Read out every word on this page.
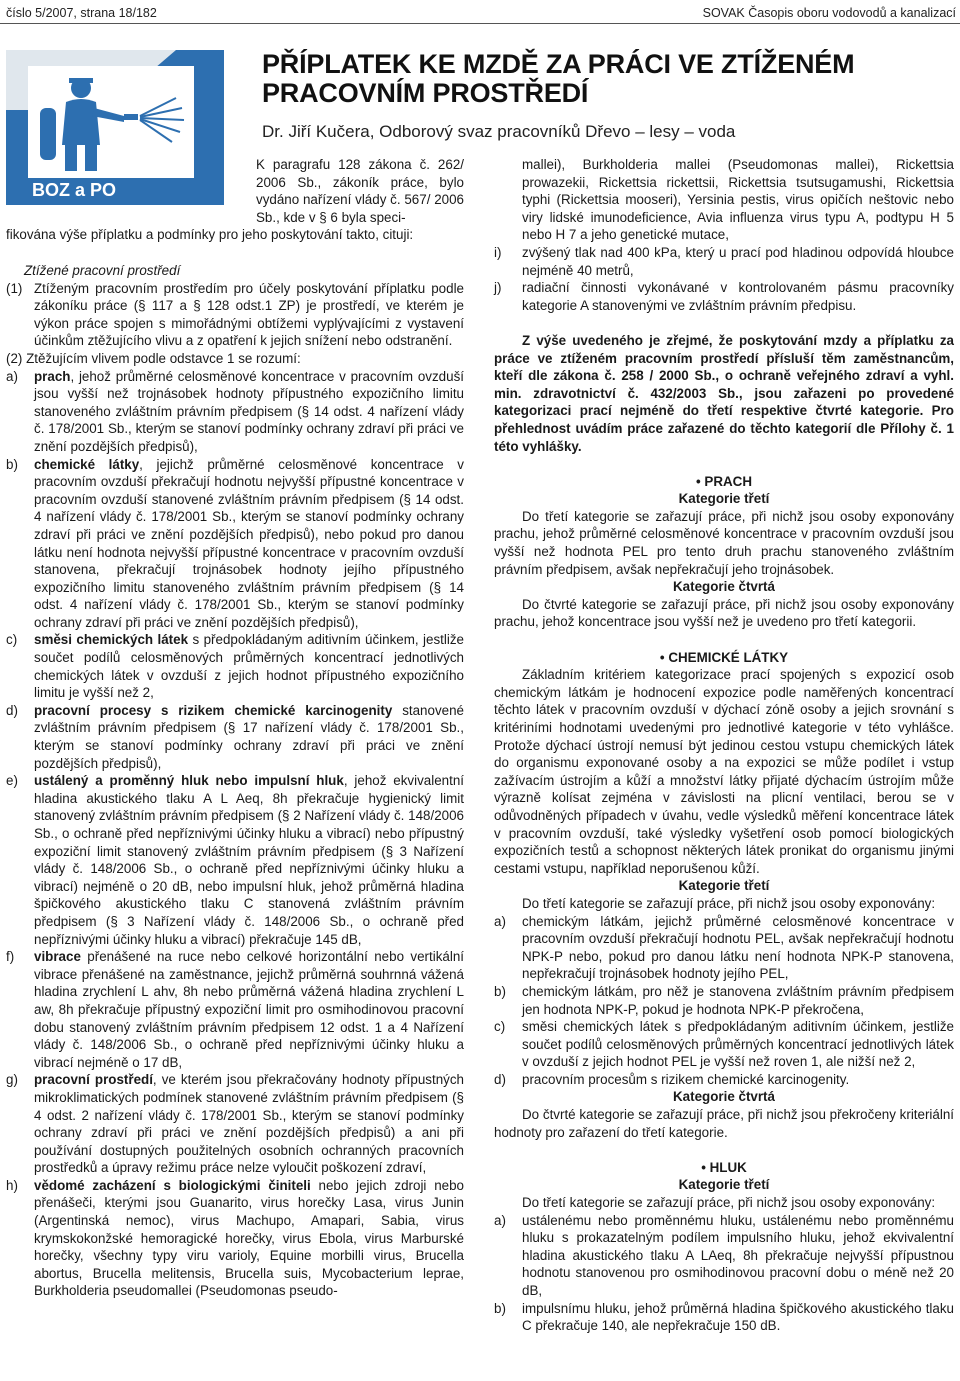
číslo 5/2007, strana 18/182	SOVAK Časopis oboru vodovodů a kanalizací
BOZ a PO
PŘÍPLATEK KE MZDĚ ZA PRÁCI VE ZTÍŽENÉM
PRACOVNÍM PROSTŘEDÍ
Dr. Jiří Kučera, Odborový svaz pracovníků Dřevo – lesy – voda

K paragrafu 128 zákona č. 262/ 2006 Sb., zákoník práce, bylo vydáno nařízení vlády č. 567/ 2006 Sb., kde v § 6 byla speci-

fikována výše příplatku a podmínky pro jeho poskytování takto, cituji:

Ztížené pracovní prostředí

(1) Ztíženým pracovním prostředím pro účely poskytování příplatku podle zákoníku práce (§ 117 a § 128 odst.1 ZP) je prostředí, ve kterém je výkon práce spojen s mimořádnými obtížemi vyplývajícími z vystavení účinkům ztěžujícího vlivu a z opatření k jejich snížení nebo odstranění.

(2) Ztěžujícím vlivem podle odstavce 1 se rozumí:

a)	prach, jehož průměrné celosměnové koncentrace v pracovním ovzduší jsou vyšší než trojnásobek hodnoty přípustného expozičního limitu stanoveného zvláštním právním předpisem (§ 14 odst. 4 nařízení vlády č. 178/2001 Sb., kterým se stanoví podmínky ochrany zdraví při práci ve znění pozdějších předpisů),
b)	chemické látky, jejichž průměrné celosměnové koncentrace v pracovním ovzduší překračují hodnotu nejvyšší přípustné koncentrace v pracovním ovzduší stanovené zvláštním právním předpisem (§ 14 odst. 4 nařízení vlády č. 178/2001 Sb., kterým se stanoví podmínky ochrany zdraví při práci ve znění pozdějších předpisů), nebo pokud pro danou látku není hodnota nejvyšší přípustné koncentrace v pracovním ovzduší stanovena, překračují trojnásobek hodnoty jejího přípustného expozičního limitu stanoveného zvláštním právním předpisem (§ 14 odst. 4 nařízení vlády č. 178/2001 Sb., kterým se stanoví podmínky ochrany zdraví při práci ve znění pozdějších předpisů),
c)	směsi chemických látek s předpokládaným aditivním účinkem, jestliže součet podílů celosměnových průměrných koncentrací jednotlivých chemických látek v ovzduší z jejich hodnot přípustného expozičního limitu je vyšší než 2,
d)	pracovní procesy s rizikem chemické karcinogenity stanovené zvláštním právním předpisem (§ 17 nařízení vlády č. 178/2001 Sb., kterým se stanoví podmínky ochrany zdraví při práci ve znění pozdějších předpisů),
e)	ustálený a proměnný hluk nebo impulsní hluk, jehož ekvivalentní hladina akustického tlaku A L Aeq, 8h překračuje hygienický limit stanovený zvláštním právním předpisem (§ 2 Nařízení vlády č. 148/2006 Sb., o ochraně před nepříznivými účinky hluku a vibrací) nebo přípustný expoziční limit stanovený zvláštním právním předpisem (§ 3 Nařízení vlády č. 148/2006 Sb., o ochraně před nepříznivými účinky hluku a vibrací) nejméně o 20 dB, nebo impulsní hluk, jehož průměrná hladina špičkového akustického tlaku C stanovená zvláštním právním předpisem (§ 3 Nařízení vlády č. 148/2006 Sb., o ochraně před nepříznivými účinky hluku a vibrací) překračuje 145 dB,
f)	vibrace přenášené na ruce nebo celkové horizontální nebo vertikální vibrace přenášené na zaměstnance, jejichž průměrná souhrnná vážená hladina zrychlení L ahv, 8h nebo průměrná vážená hladina zrychlení L aw, 8h překračuje přípustný expoziční limit pro osmihodinovou pracovní dobu stanovený zvláštním právním předpisem 12 odst. 1 a 4 Nařízení vlády č. 148/2006 Sb., o ochraně před nepříznivými účinky hluku a vibrací nejméně o 17 dB,
g)	pracovní prostředí, ve kterém jsou překračovány hodnoty přípustných mikroklimatických podmínek stanovené zvláštním právním předpisem (§ 4 odst. 2 nařízení vlády č. 178/2001 Sb., kterým se stanoví podmínky ochrany zdraví při práci ve znění pozdějších předpisů) a ani při používání dostupných použitelných osobních ochranných pracovních prostředků a úpravy režimu práce nelze vyloučit poškození zdraví,
h)	vědomé zacházení s biologickými činiteli nebo jejich zdroji nebo přenášeči, kterými jsou Guanarito, virus horečky Lasa, virus Junin (Argentinská nemoc), virus Machupo, Amapari, Sabia, virus krymskokonžské hemoragické horečky, virus Ebola, virus Marburské horečky, všechny typy viru varioly, Equine morbilli virus, Brucella abortus, Brucella melitensis, Brucella suis, Mycobacterium leprae, Burkholderia pseudomallei (Pseudomonas pseudo-

mallei), Burkholderia mallei (Pseudomonas mallei), Rickettsia prowazekii, Rickettsia rickettsii, Rickettsia tsutsugamushi, Rickettsia typhi (Rickettsia mooseri), Yersinia pestis, virus opičích neštovic nebo viry lidské imunodeficience, Avia influenza virus typu A, podtypu H 5 nebo H 7 a jeho genetické mutace,

i)	zvýšený tlak nad 400 kPa, který u prací pod hladinou odpovídá hloubce nejméně 40 metrů,
j)	radiační činnosti vykonávané v kontrolovaném pásmu pracovníky kategorie A stanovenými ve zvláštním právním předpisu.

Z výše uvedeného je zřejmé, že poskytování mzdy a příplatku za práce ve ztíženém pracovním prostředí přísluší těm zaměstnancům, kteří dle zákona č. 258 / 2000 Sb., o ochraně veřejného zdraví a vyhl. min. zdravotnictví č. 432/2003 Sb., jsou zařazeni po provedené kategorizaci prací nejméně do třetí respektive čtvrté kategorie. Pro přehlednost uvádím práce zařazené do těchto kategorií dle Přílohy č. 1 této vyhlášky.

• PRACH

Kategorie třetí

Do třetí kategorie se zařazují práce, při nichž jsou osoby exponovány prachu, jehož průměrné celosměnové koncentrace v pracovním ovzduší jsou vyšší než hodnota PEL pro tento druh prachu stanoveného zvláštním právním předpisem, avšak nepřekračují jeho trojnásobek.

Kategorie čtvrtá

Do čtvrté kategorie se zařazují práce, při nichž jsou osoby exponovány prachu, jehož koncentrace jsou vyšší než je uvedeno pro třetí kategorii.

• CHEMICKÉ LÁTKY

Základním kritériem kategorizace prací spojených s expozicí osob chemickým látkám je hodnocení expozice podle naměřených koncentrací těchto látek v pracovním ovzduší v dýchací zóně osoby a jejich srovnání s kritériními hodnotami uvedenými pro jednotlivé kategorie v této vyhlášce. Protože dýchací ústrojí nemusí být jedinou cestou vstupu chemických látek do organismu exponované osoby a na expozici se může podílet i vstup zažívacím ústrojím a kůží a množství látky přijaté dýchacím ústrojím může výrazně kolísat zejména v závislosti na plicní ventilaci, berou se v odůvodněných případech v úvahu, vedle výsledků měření koncentrace látek v pracovním ovzduší, také výsledky vyšetření osob pomocí biologických expozičních testů a schopnost některých látek pronikat do organismu jinými cestami vstupu, například neporušenou kůží.

Kategorie třetí

Do třetí kategorie se zařazují práce, při nichž jsou osoby exponovány:

a)	chemickým látkám, jejichž průměrné celosměnové koncentrace v pracovním ovzduší překračují hodnotu PEL, avšak nepřekračují hodnotu NPK-P nebo, pokud pro danou látku není hodnota NPK-P stanovena, nepřekračují trojnásobek hodnoty jejího PEL,
b)	chemickým látkám, pro něž je stanovena zvláštním právním předpisem jen hodnota NPK-P, pokud je hodnota NPK-P překročena,
c)	směsi chemických látek s předpokládaným aditivním účinkem, jestliže součet podílů celosměnových průměrných koncentrací jednotlivých látek v ovzduší z jejich hodnot PEL je vyšší než roven 1, ale nižší než 2,
d)	pracovním procesům s rizikem chemické karcinogenity.

Kategorie čtvrtá

Do čtvrté kategorie se zařazují práce, při nichž jsou překročeny kriteriální hodnoty pro zařazení do třetí kategorie.

• HLUK

Kategorie třetí

Do třetí kategorie se zařazují práce, při nichž jsou osoby exponovány:

a)	ustálenému nebo proměnnému hluku, ustálenému nebo proměnnému hluku s prokazatelným podílem impulsního hluku, jehož ekvivalentní hladina akustického tlaku A LAeq, 8h překračuje nejvyšší přípustnou hodnotu stanovenou pro osmihodinovou pracovní dobu o méně než 20 dB,
b)	impulsnímu hluku, jehož průměrná hladina špičkového akustického tlaku C překračuje 140, ale nepřekračuje 150 dB.
